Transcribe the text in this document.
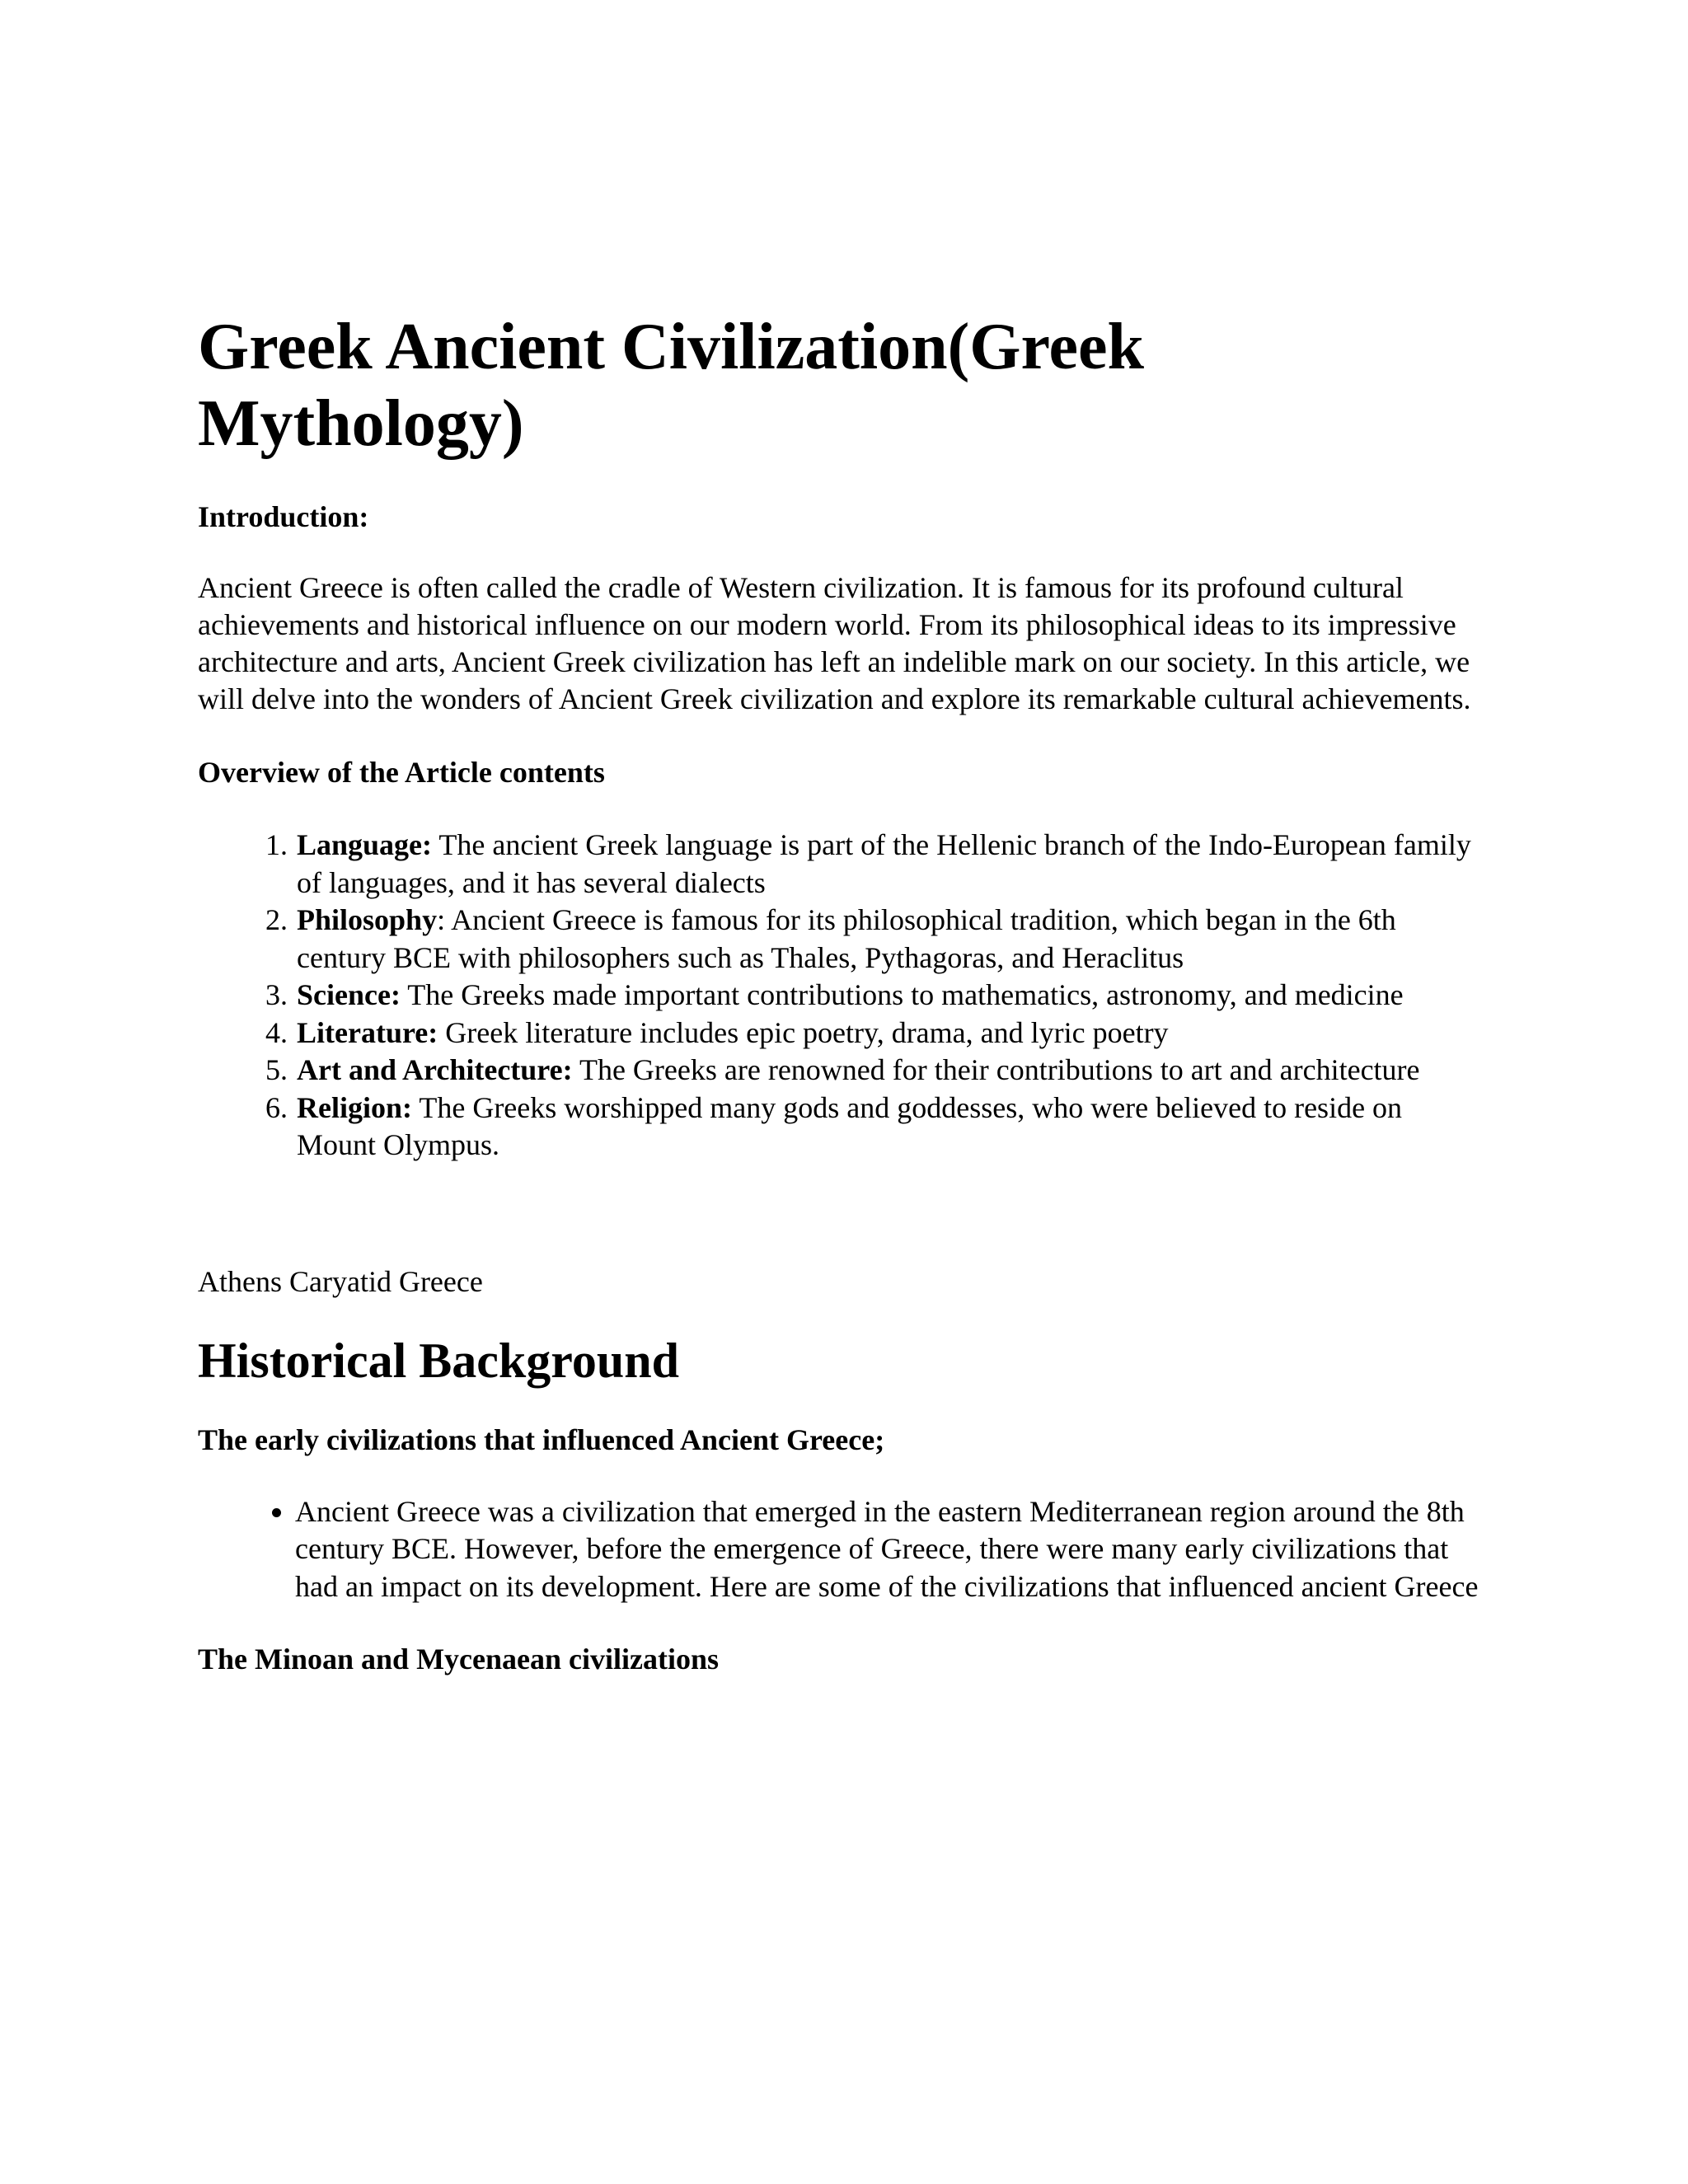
Greek Ancient Civilization(Greek Mythology)

Introduction:

Ancient Greece is often called the cradle of Western civilization. It is famous for its profound cultural achievements and historical influence on our modern world. From its philosophical ideas to its impressive architecture and arts, Ancient Greek civilization has left an indelible mark on our society. In this article, we will delve into the wonders of Ancient Greek civilization and explore its remarkable cultural achievements.

Overview of the Article contents

1. Language: The ancient Greek language is part of the Hellenic branch of the Indo-European family of languages, and it has several dialects
2. Philosophy: Ancient Greece is famous for its philosophical tradition, which began in the 6th century BCE with philosophers such as Thales, Pythagoras, and Heraclitus
3. Science: The Greeks made important contributions to mathematics, astronomy, and medicine
4. Literature: Greek literature includes epic poetry, drama, and lyric poetry
5. Art and Architecture: The Greeks are renowned for their contributions to art and architecture
6. Religion: The Greeks worshipped many gods and goddesses, who were believed to reside on Mount Olympus.

Athens Caryatid Greece

Historical Background

The early civilizations that influenced Ancient Greece;

• Ancient Greece was a civilization that emerged in the eastern Mediterranean region around the 8th century BCE. However, before the emergence of Greece, there were many early civilizations that had an impact on its development. Here are some of the civilizations that influenced ancient Greece

The Minoan and Mycenaean civilizations
